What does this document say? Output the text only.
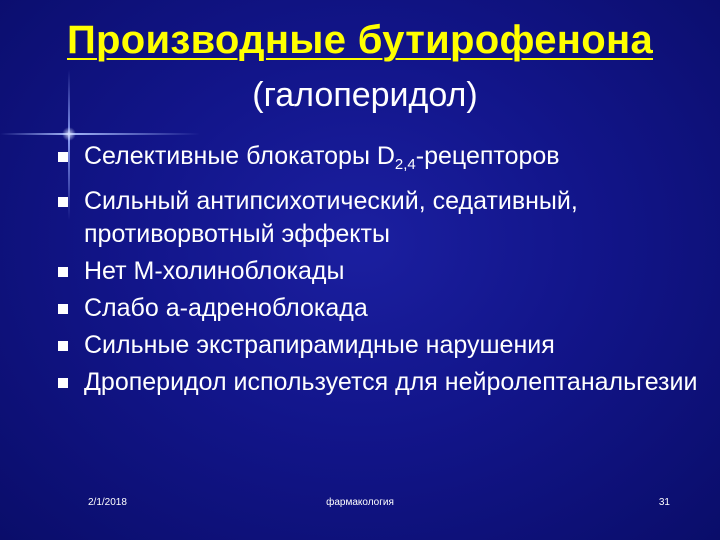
Производные бутирофенона
(галоперидол)
Селективные блокаторы $D_{2,4}$-рецепторов
Сильный антипсихотический, седативный, противорвотный эффекты
Нет М-холиноблокады
Слабо а-адреноблокада
Сильные экстрапирамидные нарушения
Дроперидол используется для нейролептанальгезии
2/1/2018	фармакология	31
